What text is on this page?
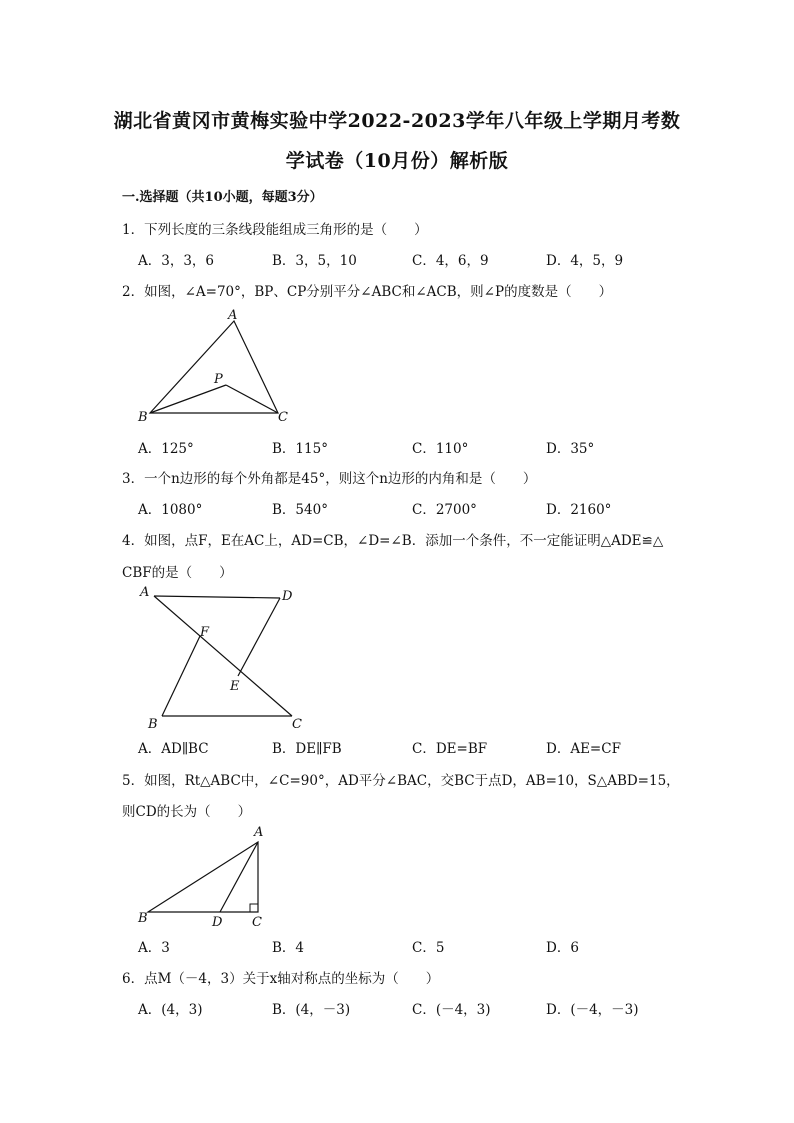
湖北省黄冈市黄梅实验中学2022-2023学年八年级上学期月考数
学试卷（10月份）解析版
一.选择题（共10小题，每题3分）
1．下列长度的三条线段能组成三角形的是（　　）
A．3，3，6	B．3，5，10	C．4，6，9	D．4，5，9
2．如图，∠A=70°，BP、CP分别平分∠ABC和∠ACB，则∠P的度数是（　　）
A
P
B	C
A．125°	B．115°	C．110°	D．35°
3．一个n边形的每个外角都是45°，则这个n边形的内角和是（　　）
A．1080°	B．540°	C．2700°	D．2160°
4．如图，点F，E在AC上，AD=CB，∠D=∠B．添加一个条件，不一定能证明△ADE≌△
CBF的是（　　）
A	D
F
E
B	C
A．AD∥BC	B．DE∥FB	C．DE=BF	D．AE=CF
5．如图，Rt△ABC中，∠C=90°，AD平分∠BAC，交BC于点D，AB=10，S△ABD=15，
则CD的长为（　　）
A
B	D C
A．3	B．4	C．5	D．6
6．点M（－4，3）关于x轴对称点的坐标为（　　）
A．(4，3)	B．(4，－3)	C．(－4，3)	D．(－4，－3)
